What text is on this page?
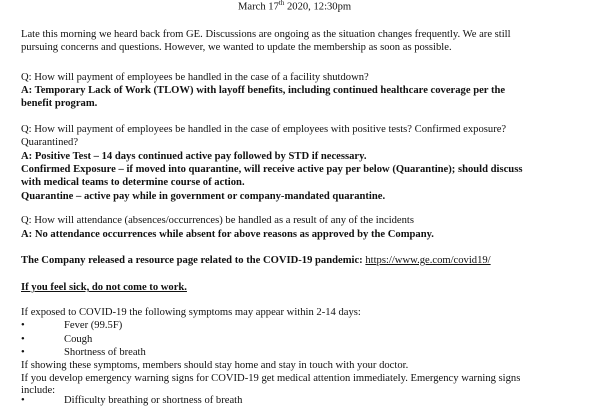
March 17th 2020, 12:30pm
Late this morning we heard back from GE. Discussions are ongoing as the situation changes frequently. We are still
pursuing concerns and questions. However, we wanted to update the membership as soon as possible.
Q: How will payment of employees be handled in the case of a facility shutdown?
A: Temporary Lack of Work (TLOW) with layoff benefits, including continued healthcare coverage per the
benefit program.
Q: How will payment of employees be handled in the case of employees with positive tests? Confirmed exposure?
Quarantined?
A: Positive Test – 14 days continued active pay followed by STD if necessary.
Confirmed Exposure – if moved into quarantine, will receive active pay per below (Quarantine); should discuss
with medical teams to determine course of action.
Quarantine – active pay while in government or company-mandated quarantine.
Q: How will attendance (absences/occurrences) be handled as a result of any of the incidents
A: No attendance occurrences while absent for above reasons as approved by the Company.
The Company released a resource page related to the COVID-19 pandemic: https://www.ge.com/covid19/
If you feel sick, do not come to work.
If exposed to COVID-19 the following symptoms may appear within 2-14 days:
•	Fever (99.5F)
•	Cough
•	Shortness of breath
If showing these symptoms, members should stay home and stay in touch with your doctor.
If you develop emergency warning signs for COVID-19 get medical attention immediately. Emergency warning signs
include:
•	Difficulty breathing or shortness of breath
